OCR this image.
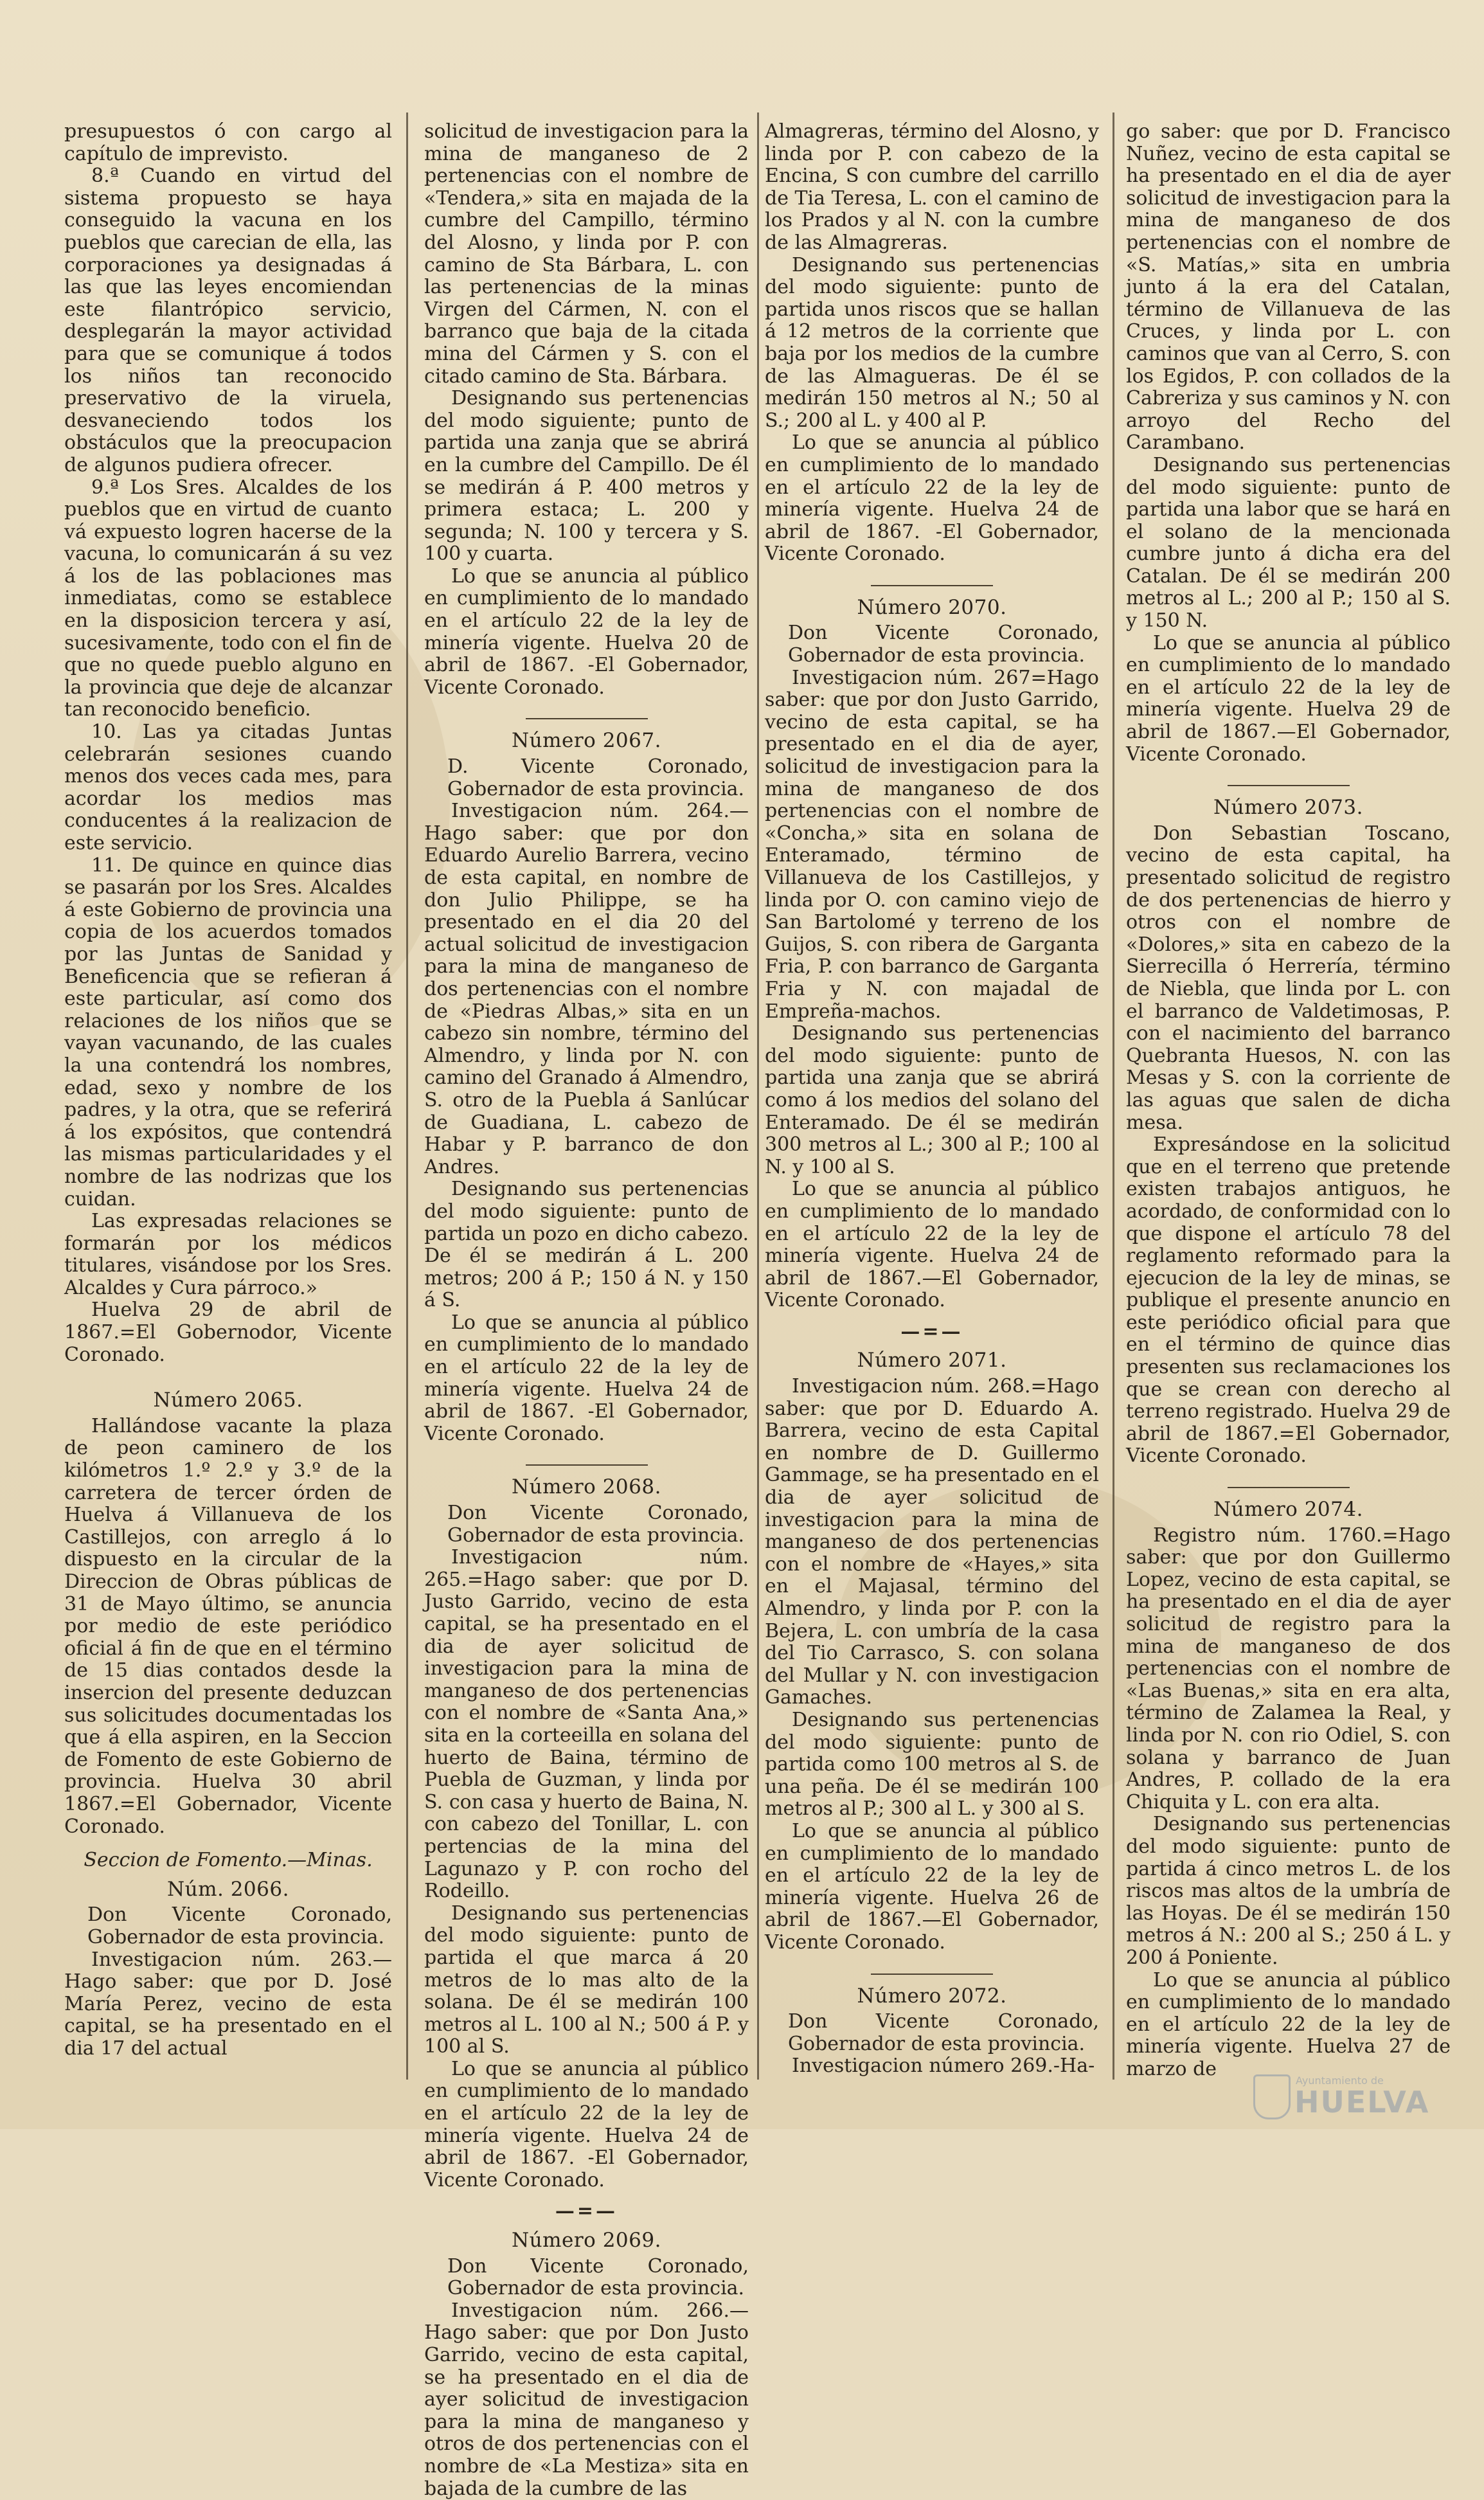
presupuestos ó con cargo al capítulo de imprevisto.

8.ª Cuando en virtud del sistema propuesto se haya conseguido la vacuna en los pueblos que carecian de ella, las corporaciones ya designadas á las que las leyes encomiendan este filantrópico servicio, desplegarán la mayor actividad para que se comunique á todos los niños tan reconocido preservativo de la viruela, desvaneciendo todos los obstáculos que la preocupacion de algunos pudiera ofrecer.

9.ª Los Sres. Alcaldes de los pueblos que en virtud de cuanto vá expuesto logren hacerse de la vacuna, lo comunicarán á su vez á los de las poblaciones mas inmediatas, como se establece en la disposicion tercera y así, sucesivamente, todo con el fin de que no quede pueblo alguno en la provincia que deje de alcanzar tan reconocido beneficio.

10. Las ya citadas Juntas celebrarán sesiones cuando menos dos veces cada mes, para acordar los medios mas conducentes á la realizacion de este servicio.

11. De quince en quince dias se pasarán por los Sres. Alcaldes á este Gobierno de provincia una copia de los acuerdos tomados por las Juntas de Sanidad y Beneficencia que se refieran á este particular, así como dos relaciones de los niños que se vayan vacunando, de las cuales la una contendrá los nombres, edad, sexo y nombre de los padres, y la otra, que se referirá á los expósitos, que contendrá las mismas particularidades y el nombre de las nodrizas que los cuidan.

Las expresadas relaciones se formarán por los médicos titulares, visándose por los Sres. Alcaldes y Cura párroco.»

Huelva 29 de abril de 1867.=El Gobernodor, Vicente Coronado.

Número 2065.

Hallándose vacante la plaza de peon caminero de los kilómetros 1.º 2.º y 3.º de la carretera de tercer órden de Huelva á Villanueva de los Castillejos, con arreglo á lo dispuesto en la circular de la Direccion de Obras públicas de 31 de Mayo último, se anuncia por medio de este periódico oficial á fin de que en el término de 15 dias contados desde la insercion del presente deduzcan sus solicitudes documentadas los que á ella aspiren, en la Seccion de Fomento de este Gobierno de provincia. Huelva 30 abril 1867.=El Gobernador, Vicente Coronado.

Seccion de Fomento.—Minas.
Núm. 2066.

Don Vicente Coronado, Gobernador de esta provincia.

Investigacion núm. 263.—Hago saber: que por D. José María Perez, vecino de esta capital, se ha presentado en el dia 17 del actual

solicitud de investigacion para la mina de manganeso de 2 pertenencias con el nombre de «Tendera,» sita en majada de la cumbre del Campillo, término del Alosno, y linda por P. con camino de Sta Bárbara, L. con las pertenencias de la minas Virgen del Cármen, N. con el barranco que baja de la citada mina del Cármen y S. con el citado camino de Sta. Bárbara.

Designando sus pertenencias del modo siguiente; punto de partida una zanja que se abrirá en la cumbre del Campillo. De él se medirán á P. 400 metros y primera estaca; L. 200 y segunda; N. 100 y tercera y S. 100 y cuarta.

Lo que se anuncia al público en cumplimiento de lo mandado en el artículo 22 de la ley de minería vigente. Huelva 20 de abril de 1867. -El Gobernador, Vicente Coronado.

Número 2067.

D. Vicente Coronado, Gobernador de esta provincia.

Investigacion núm. 264.—Hago saber: que por don Eduardo Aurelio Barrera, vecino de esta capital, en nombre de don Julio Philippe, se ha presentado en el dia 20 del actual solicitud de investigacion para la mina de manganeso de dos pertenencias con el nombre de «Piedras Albas,» sita en un cabezo sin nombre, término del Almendro, y linda por N. con camino del Granado á Almendro, S. otro de la Puebla á Sanlúcar de Guadiana, L. cabezo de Habar y P. barranco de don Andres.

Designando sus pertenencias del modo siguiente: punto de partida un pozo en dicho cabezo. De él se medirán á L. 200 metros; 200 á P.; 150 á N. y 150 á S.

Lo que se anuncia al público en cumplimiento de lo mandado en el artículo 22 de la ley de minería vigente. Huelva 24 de abril de 1867. -El Gobernador, Vicente Coronado.

Número 2068.

Don Vicente Coronado, Gobernador de esta provincia.

Investigacion núm. 265.=Hago saber: que por D. Justo Garrido, vecino de esta capital, se ha presentado en el dia de ayer solicitud de investigacion para la mina de manganeso de dos pertenencias con el nombre de «Santa Ana,» sita en la corteeilla en solana del huerto de Baina, término de Puebla de Guzman, y linda por S. con casa y huerto de Baina, N. con cabezo del Tonillar, L. con pertencias de la mina del Lagunazo y P. con rocho del Rodeillo.

Designando sus pertenencias del modo siguiente: punto de partida el que marca á 20 metros de lo mas alto de la solana. De él se medirán 100 metros al L. 100 al N.; 500 á P. y 100 al S.

Lo que se anuncia al público en cumplimiento de lo mandado en el artículo 22 de la ley de minería vigente. Huelva 24 de abril de 1867. -El Gobernador, Vicente Coronado.

—=—
Número 2069.

Don Vicente Coronado, Gobernador de esta provincia.

Investigacion núm. 266.—Hago saber: que por Don Justo Garrido, vecino de esta capital, se ha presentado en el dia de ayer solicitud de investigacion para la mina de manganeso y otros de dos pertenencias con el nombre de «La Mestiza» sita en bajada de la cumbre de las

Almagreras, término del Alosno, y linda por P. con cabezo de la Encina, S con cumbre del carrillo de Tia Teresa, L. con el camino de los Prados y al N. con la cumbre de las Almagreras.

Designando sus pertenencias del modo siguiente: punto de partida unos riscos que se hallan á 12 metros de la corriente que baja por los medios de la cumbre de las Almagueras. De él se medirán 150 metros al N.; 50 al S.; 200 al L. y 400 al P.

Lo que se anuncia al público en cumplimiento de lo mandado en el artículo 22 de la ley de minería vigente. Huelva 24 de abril de 1867. -El Gobernador, Vicente Coronado.

Número 2070.

Don Vicente Coronado, Gobernador de esta provincia.

Investigacion núm. 267=Hago saber: que por don Justo Garrido, vecino de esta capital, se ha presentado en el dia de ayer, solicitud de investigacion para la mina de manganeso de dos pertenencias con el nombre de «Concha,» sita en solana de Enteramado, término de Villanueva de los Castillejos, y linda por O. con camino viejo de San Bartolomé y terreno de los Guijos, S. con ribera de Garganta Fria, P. con barranco de Garganta Fria y N. con majadal de Empreña-machos.

Designando sus pertenencias del modo siguiente: punto de partida una zanja que se abrirá como á los medios del solano del Enteramado. De él se medirán 300 metros al L.; 300 al P.; 100 al N. y 100 al S.

Lo que se anuncia al público en cumplimiento de lo mandado en el artículo 22 de la ley de minería vigente. Huelva 24 de abril de 1867.—El Gobernador, Vicente Coronado.

—=—
Número 2071.

Investigacion núm. 268.=Hago saber: que por D. Eduardo A. Barrera, vecino de esta Capital en nombre de D. Guillermo Gammage, se ha presentado en el dia de ayer solicitud de investigacion para la mina de manganeso de dos pertenencias con el nombre de «Hayes,» sita en el Majasal, término del Almendro, y linda por P. con la Bejera, L. con umbría de la casa del Tio Carrasco, S. con solana del Mullar y N. con investigacion Gamaches.

Designando sus pertenencias del modo siguiente: punto de partida como 100 metros al S. de una peña. De él se medirán 100 metros al P.; 300 al L. y 300 al S.

Lo que se anuncia al público en cumplimiento de lo mandado en el artículo 22 de la ley de minería vigente. Huelva 26 de abril de 1867.—El Gobernador, Vicente Coronado.

Número 2072.

Don Vicente Coronado, Gobernador de esta provincia.

Investigacion número 269.-Ha-

go saber: que por D. Francisco Nuñez, vecino de esta capital se ha presentado en el dia de ayer solicitud de investigacion para la mina de manganeso de dos pertenencias con el nombre de «S. Matías,» sita en umbria junto á la era del Catalan, término de Villanueva de las Cruces, y linda por L. con caminos que van al Cerro, S. con los Egidos, P. con collados de la Cabreriza y sus caminos y N. con arroyo del Recho del Carambano.

Designando sus pertenencias del modo siguiente: punto de partida una labor que se hará en el solano de la mencionada cumbre junto á dicha era del Catalan. De él se medirán 200 metros al L.; 200 al P.; 150 al S. y 150 N.

Lo que se anuncia al público en cumplimiento de lo mandado en el artículo 22 de la ley de minería vigente. Huelva 29 de abril de 1867.—El Gobernador, Vicente Coronado.

Número 2073.

Don Sebastian Toscano, vecino de esta capital, ha presentado solicitud de registro de dos pertenencias de hierro y otros con el nombre de «Dolores,» sita en cabezo de la Sierrecilla ó Herrería, término de Niebla, que linda por L. con el barranco de Valdetimosas, P. con el nacimiento del barranco Quebranta Huesos, N. con las Mesas y S. con la corriente de las aguas que salen de dicha mesa.

Expresándose en la solicitud que en el terreno que pretende existen trabajos antiguos, he acordado, de conformidad con lo que dispone el artículo 78 del reglamento reformado para la ejecucion de la ley de minas, se publique el presente anuncio en este periódico oficial para que en el término de quince dias presenten sus reclamaciones los que se crean con derecho al terreno registrado. Huelva 29 de abril de 1867.=El Gobernador, Vicente Coronado.

Número 2074.

Registro núm. 1760.=Hago saber: que por don Guillermo Lopez, vecino de esta capital, se ha presentado en el dia de ayer solicitud de registro para la mina de manganeso de dos pertenencias con el nombre de «Las Buenas,» sita en era alta, término de Zalamea la Real, y linda por N. con rio Odiel, S. con solana y barranco de Juan Andres, P. collado de la era Chiquita y L. con era alta.

Designando sus pertenencias del modo siguiente: punto de partida á cinco metros L. de los riscos mas altos de la umbría de las Hoyas. De él se medirán 150 metros á N.: 200 al S.; 250 á L. y 200 á Poniente.

Lo que se anuncia al público en cumplimiento de lo mandado en el artículo 22 de la ley de minería vigente. Huelva 27 de marzo de

Ayuntamiento de
HUELVA
